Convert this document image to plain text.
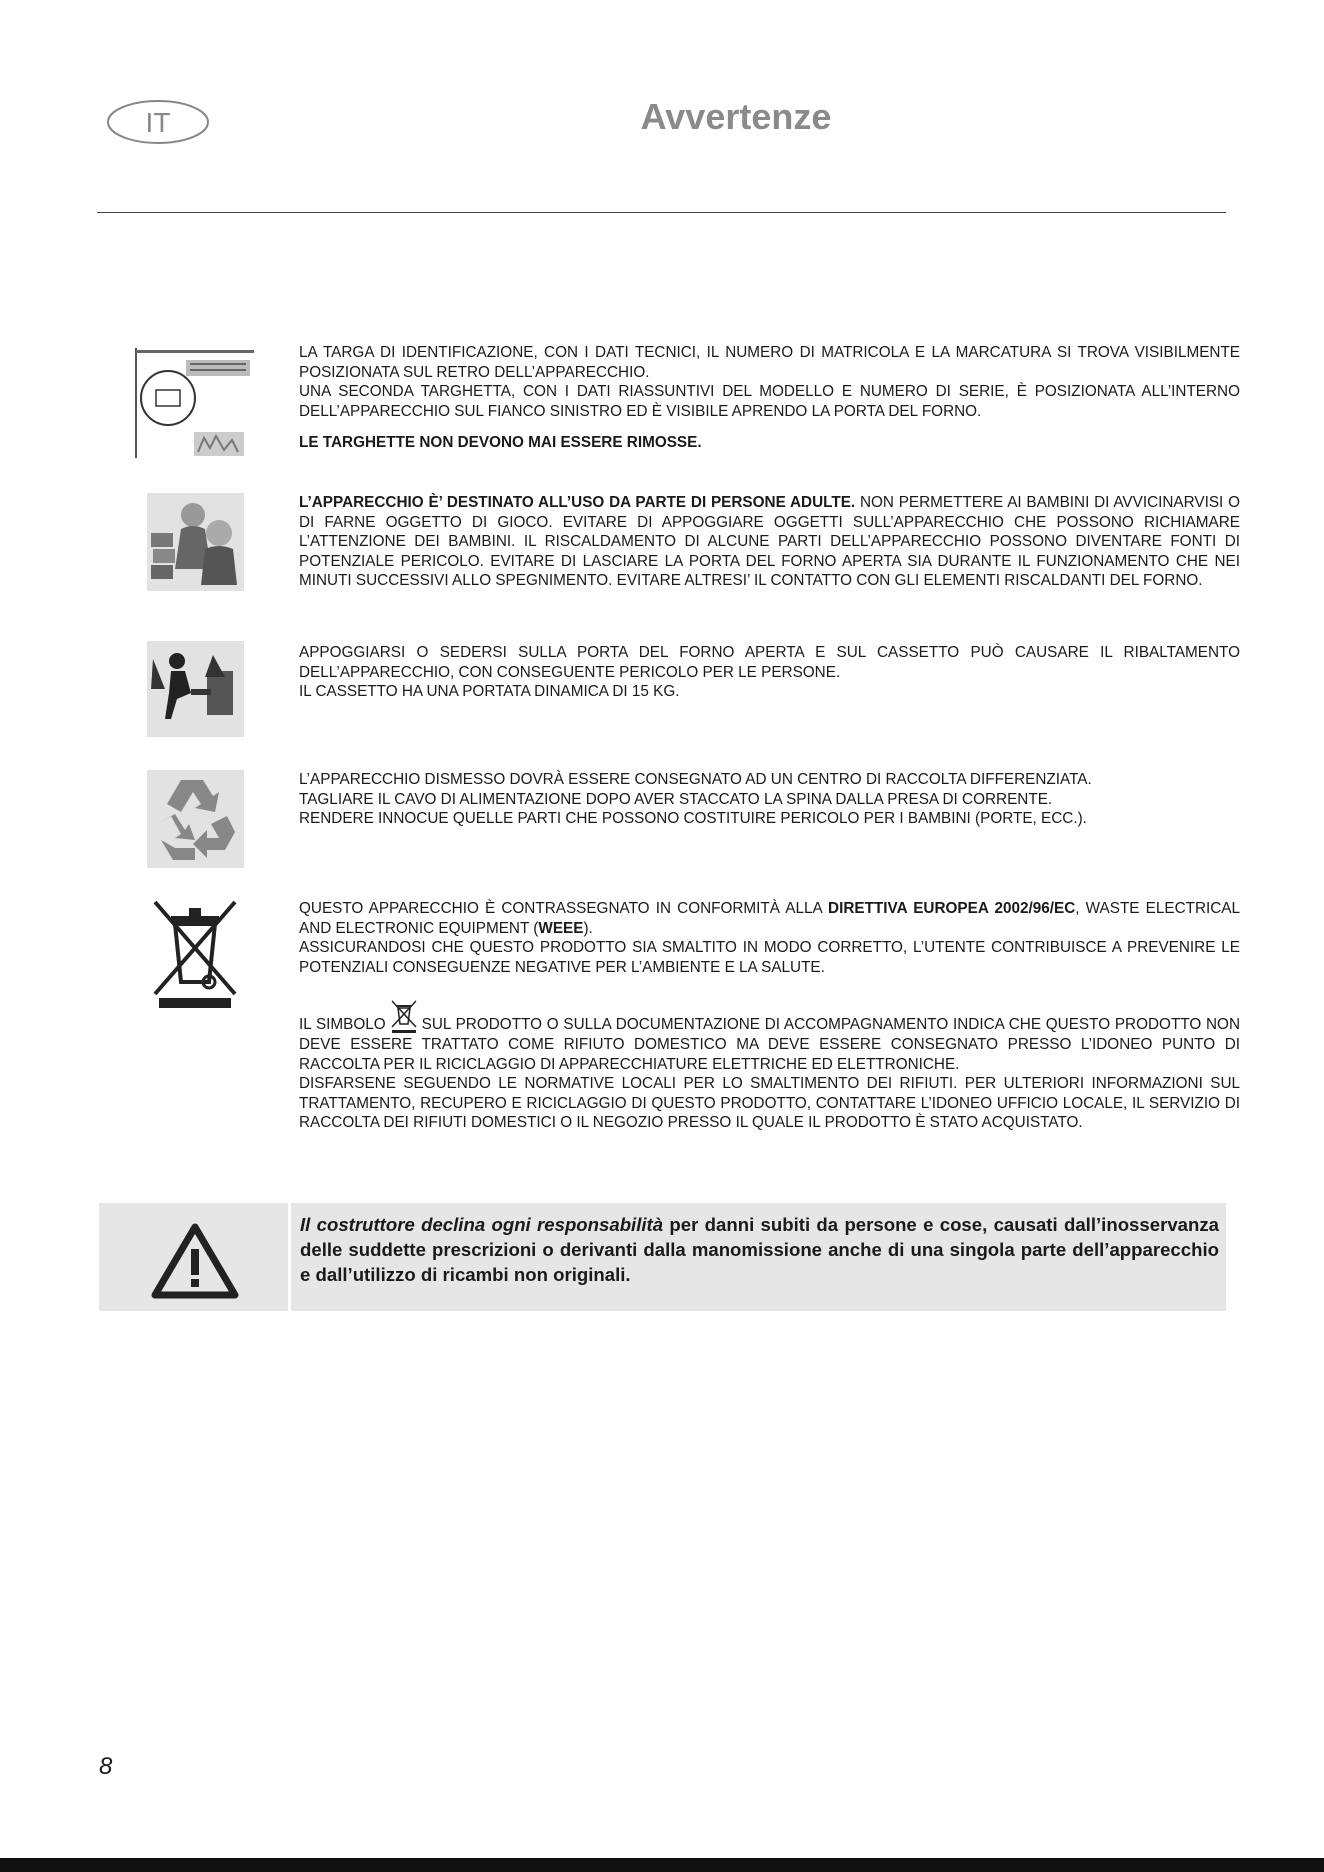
IT	Avvertenze

LA TARGA DI IDENTIFICAZIONE, CON I DATI TECNICI, IL NUMERO DI MATRICOLA E LA MARCATURA SI TROVA VISIBILMENTE POSIZIONATA SUL RETRO DELL’APPARECCHIO.

UNA SECONDA TARGHETTA, CON I DATI RIASSUNTIVI DEL MODELLO E NUMERO DI SERIE, È POSIZIONATA ALL’INTERNO DELL’APPARECCHIO SUL FIANCO SINISTRO ED È VISIBILE APRENDO LA PORTA DEL FORNO.

LE TARGHETTE NON DEVONO MAI ESSERE RIMOSSE.

L’APPARECCHIO È’ DESTINATO ALL’USO DA PARTE DI PERSONE ADULTE. NON PERMETTERE AI BAMBINI DI AVVICINARVISI O DI FARNE OGGETTO DI GIOCO. EVITARE DI APPOGGIARE OGGETTI SULL’APPARECCHIO CHE POSSONO RICHIAMARE L’ATTENZIONE DEI BAMBINI. IL RISCALDAMENTO DI ALCUNE PARTI DELL’APPARECCHIO POSSONO DIVENTARE FONTI DI POTENZIALE PERICOLO. EVITARE DI LASCIARE LA PORTA DEL FORNO APERTA SIA DURANTE IL FUNZIONAMENTO CHE NEI MINUTI SUCCESSIVI ALLO SPEGNIMENTO. EVITARE ALTRESI’ IL CONTATTO CON GLI ELEMENTI RISCALDANTI DEL FORNO.

APPOGGIARSI O SEDERSI SULLA PORTA DEL FORNO APERTA E SUL CASSETTO PUÒ CAUSARE IL RIBALTAMENTO DELL’APPARECCHIO, CON CONSEGUENTE PERICOLO PER LE PERSONE.

IL CASSETTO HA UNA PORTATA DINAMICA DI 15 KG.

L’APPARECCHIO DISMESSO DOVRÀ ESSERE CONSEGNATO AD UN CENTRO DI RACCOLTA DIFFERENZIATA.

TAGLIARE IL CAVO DI ALIMENTAZIONE DOPO AVER STACCATO LA SPINA DALLA PRESA DI CORRENTE.

RENDERE INNOCUE QUELLE PARTI CHE POSSONO COSTITUIRE PERICOLO PER I BAMBINI (PORTE, ECC.).

QUESTO APPARECCHIO È CONTRASSEGNATO IN CONFORMITÀ ALLA DIRETTIVA EUROPEA 2002/96/EC, WASTE ELECTRICAL AND ELECTRONIC EQUIPMENT (WEEE).

ASSICURANDOSI CHE QUESTO PRODOTTO SIA SMALTITO IN MODO CORRETTO, L’UTENTE CONTRIBUISCE A PREVENIRE LE POTENZIALI CONSEGUENZE NEGATIVE PER L’AMBIENTE E LA SALUTE.

IL SIMBOLO SUL PRODOTTO O SULLA DOCUMENTAZIONE DI ACCOMPAGNAMENTO INDICA CHE QUESTO PRODOTTO NON DEVE ESSERE TRATTATO COME RIFIUTO DOMESTICO MA DEVE ESSERE CONSEGNATO PRESSO L’IDONEO PUNTO DI RACCOLTA PER IL RICICLAGGIO DI APPARECCHIATURE ELETTRICHE ED ELETTRONICHE.

DISFARSENE SEGUENDO LE NORMATIVE LOCALI PER LO SMALTIMENTO DEI RIFIUTI. PER ULTERIORI INFORMAZIONI SUL TRATTAMENTO, RECUPERO E RICICLAGGIO DI QUESTO PRODOTTO, CONTATTARE L’IDONEO UFFICIO LOCALE, IL SERVIZIO DI RACCOLTA DEI RIFIUTI DOMESTICI O IL NEGOZIO PRESSO IL QUALE IL PRODOTTO È STATO ACQUISTATO.

Il costruttore declina ogni responsabilità per danni subiti da persone e cose, causati dall’inosservanza delle suddette prescrizioni o derivanti dalla manomissione anche di una singola parte dell’apparecchio e dall’utilizzo di ricambi non originali.
8
